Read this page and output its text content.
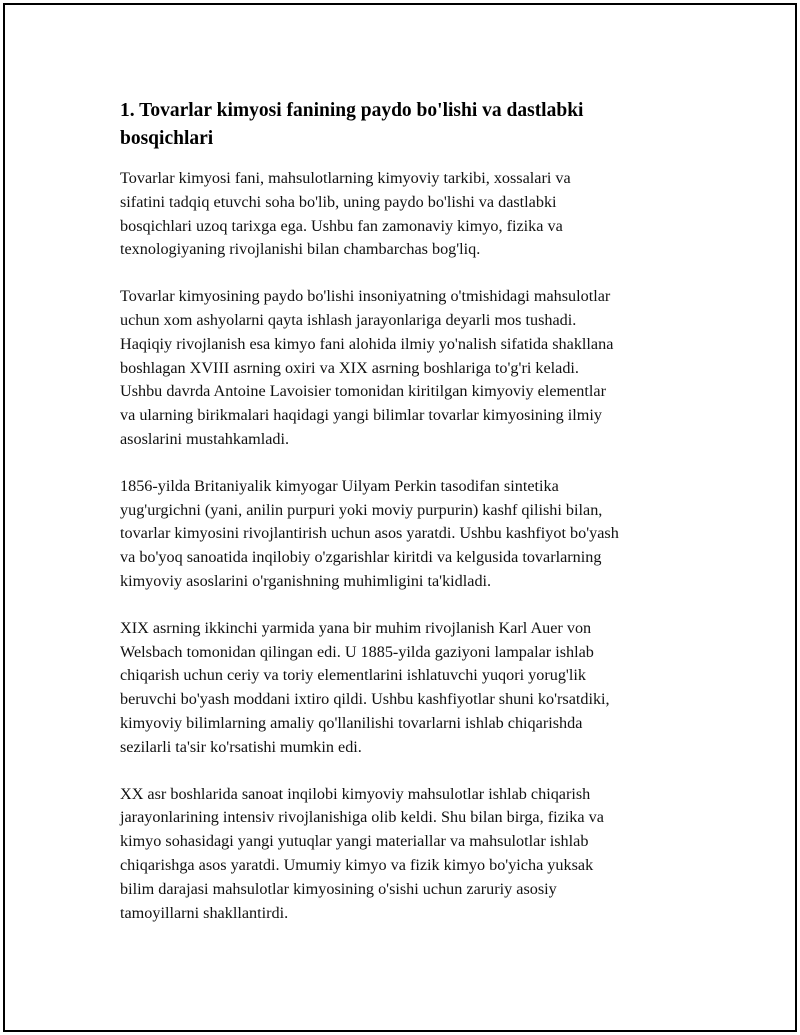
1. Tovarlar kimyosi fanining paydo bo'lishi va dastlabki
bosqichlari

Tovarlar kimyosi fani, mahsulotlarning kimyoviy tarkibi, xossalari va
sifatini tadqiq etuvchi soha bo'lib, uning paydo bo'lishi va dastlabki
bosqichlari uzoq tarixga ega. Ushbu fan zamonaviy kimyo, fizika va
texnologiyaning rivojlanishi bilan chambarchas bog'liq.

Tovarlar kimyosining paydo bo'lishi insoniyatning o'tmishidagi mahsulotlar
uchun xom ashyolarni qayta ishlash jarayonlariga deyarli mos tushadi.
Haqiqiy rivojlanish esa kimyo fani alohida ilmiy yo'nalish sifatida shakllana
boshlagan XVIII asrning oxiri va XIX asrning boshlariga to'g'ri keladi.
Ushbu davrda Antoine Lavoisier tomonidan kiritilgan kimyoviy elementlar
va ularning birikmalari haqidagi yangi bilimlar tovarlar kimyosining ilmiy
asoslarini mustahkamladi.

1856-yilda Britaniyalik kimyogar Uilyam Perkin tasodifan sintetika
yug'urgichni (yani, anilin purpuri yoki moviy purpurin) kashf qilishi bilan,
tovarlar kimyosini rivojlantirish uchun asos yaratdi. Ushbu kashfiyot bo'yash
va bo'yoq sanoatida inqilobiy o'zgarishlar kiritdi va kelgusida tovarlarning
kimyoviy asoslarini o'rganishning muhimligini ta'kidladi.

XIX asrning ikkinchi yarmida yana bir muhim rivojlanish Karl Auer von
Welsbach tomonidan qilingan edi. U 1885-yilda gaziyoni lampalar ishlab
chiqarish uchun ceriy va toriy elementlarini ishlatuvchi yuqori yorug'lik
beruvchi bo'yash moddani ixtiro qildi. Ushbu kashfiyotlar shuni ko'rsatdiki,
kimyoviy bilimlarning amaliy qo'llanilishi tovarlarni ishlab chiqarishda
sezilarli ta'sir ko'rsatishi mumkin edi.

XX asr boshlarida sanoat inqilobi kimyoviy mahsulotlar ishlab chiqarish
jarayonlarining intensiv rivojlanishiga olib keldi. Shu bilan birga, fizika va
kimyo sohasidagi yangi yutuqlar yangi materiallar va mahsulotlar ishlab
chiqarishga asos yaratdi. Umumiy kimyo va fizik kimyo bo'yicha yuksak
bilim darajasi mahsulotlar kimyosining o'sishi uchun zaruriy asosiy
tamoyillarni shakllantirdi.
